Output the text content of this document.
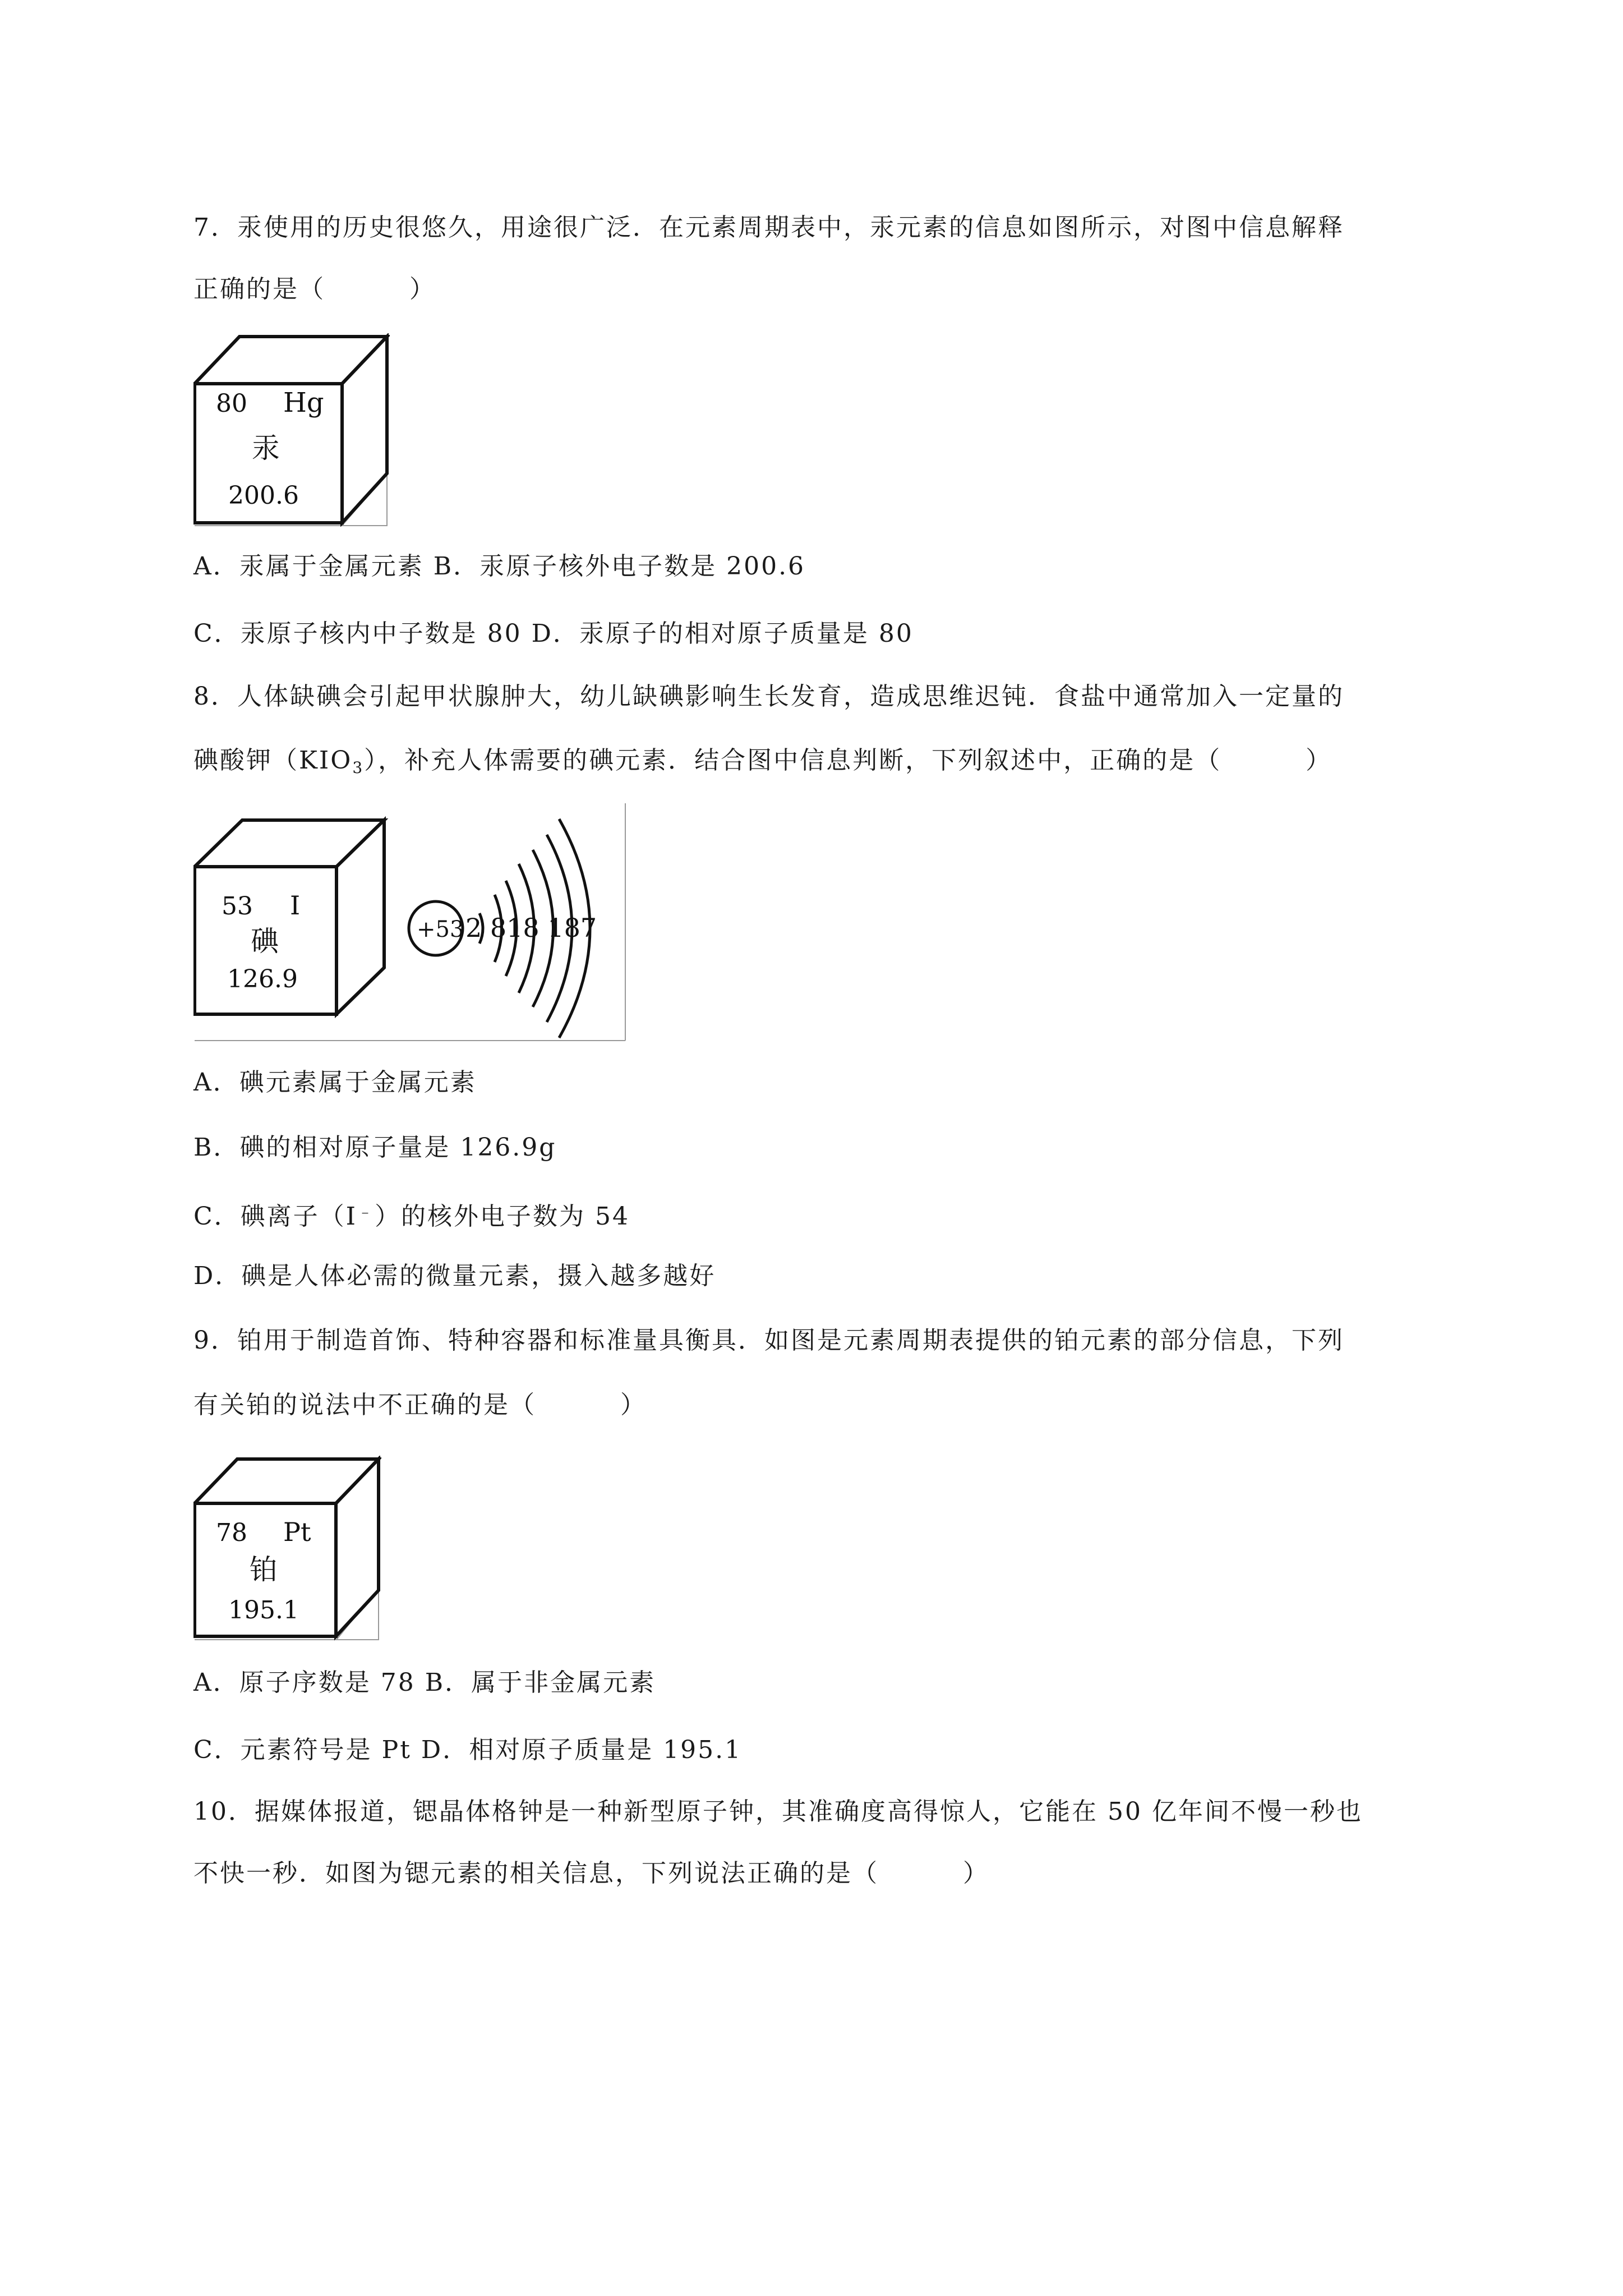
7．汞使用的历史很悠久，用途很广泛．在元素周期表中，汞元素的信息如图所示，对图中信息解释
正确的是（	）
80 Hg
汞
200.6
A．汞属于金属元素 B．汞原子核外电子数是 200.6
C．汞原子核内中子数是 80 D．汞原子的相对原子质量是 80
8．人体缺碘会引起甲状腺肿大，幼儿缺碘影响生长发育，造成思维迟钝．食盐中通常加入一定量的
碘酸钾$(KIO_3)$，补充人体需要的碘元素．结合图中信息判断，下列叙述中，正确的是（	）
53 I
碘
126.9
+53 2 818 187
A．碘元素属于金属元素
B．碘的相对原子量是 126.9g
C．碘离子（I﹣）的核外电子数为 54
D．碘是人体必需的微量元素，摄入越多越好
9．铂用于制造首饰、特种容器和标准量具衡具．如图是元素周期表提供的铂元素的部分信息，下列
有关铂的说法中不正确的是（	）
78 Pt
铂
195.1
A．原子序数是 78 B．属于非金属元素
C．元素符号是 Pt D．相对原子质量是 195.1
10．据媒体报道，锶晶体格钟是一种新型原子钟，其准确度高得惊人，它能在 50 亿年间不慢一秒也
不快一秒．如图为锶元素的相关信息，下列说法正确的是（	）
